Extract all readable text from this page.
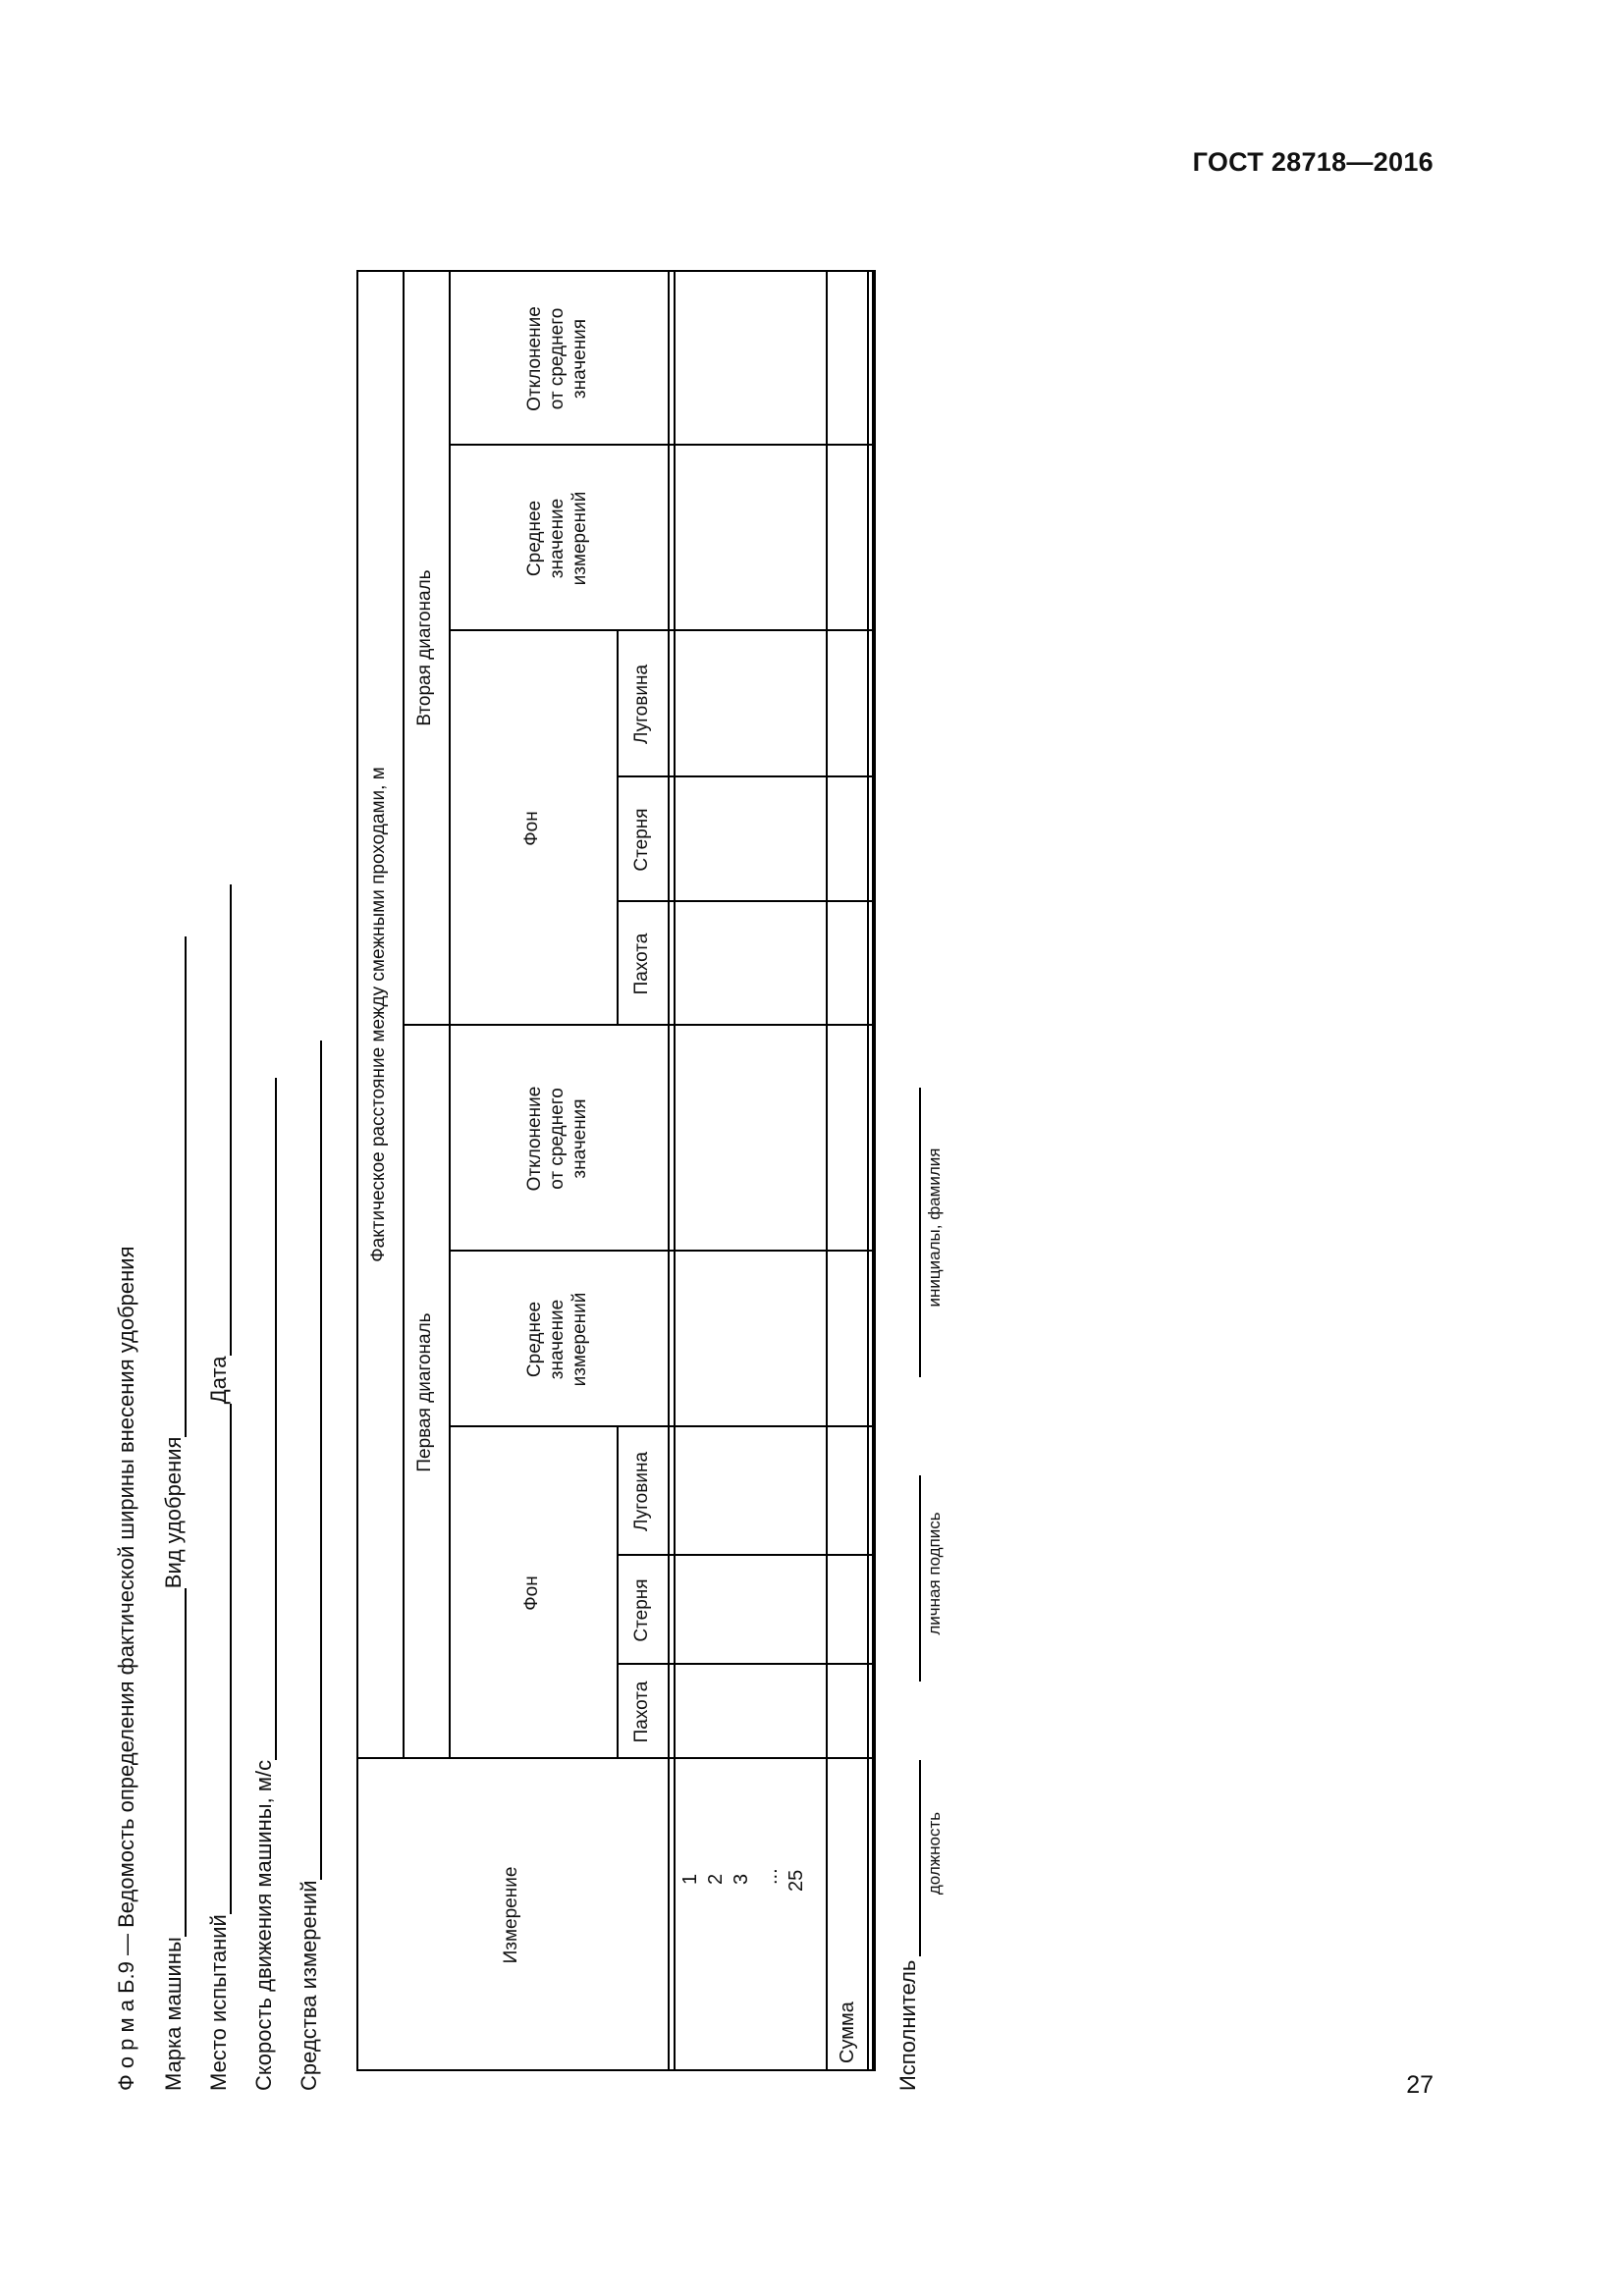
ГОСТ 28718—2016
27
Ф о р м а Б.9 — Ведомость определения фактической ширины внесения удобрения
Марка машиныВид удобрения
Место испытанийДата
Скорость движения машины, м/с Средства измерений	Измерение
Фактическое расстояние между смежными проходами, м
Первая диагональ
Фон
Пахота
Стерня
Луговина
Среднее
значение
измерений
Отклонение
от среднего
значения
Вторая диагональ
Фон
Пахота
Стерня
Луговина
Среднее
значение
измерений
Отклонение
от среднего
значения
1 2 3 ... 25
Сумма	Исполнитель
должность
личная подпись
инициалы, фамилия
